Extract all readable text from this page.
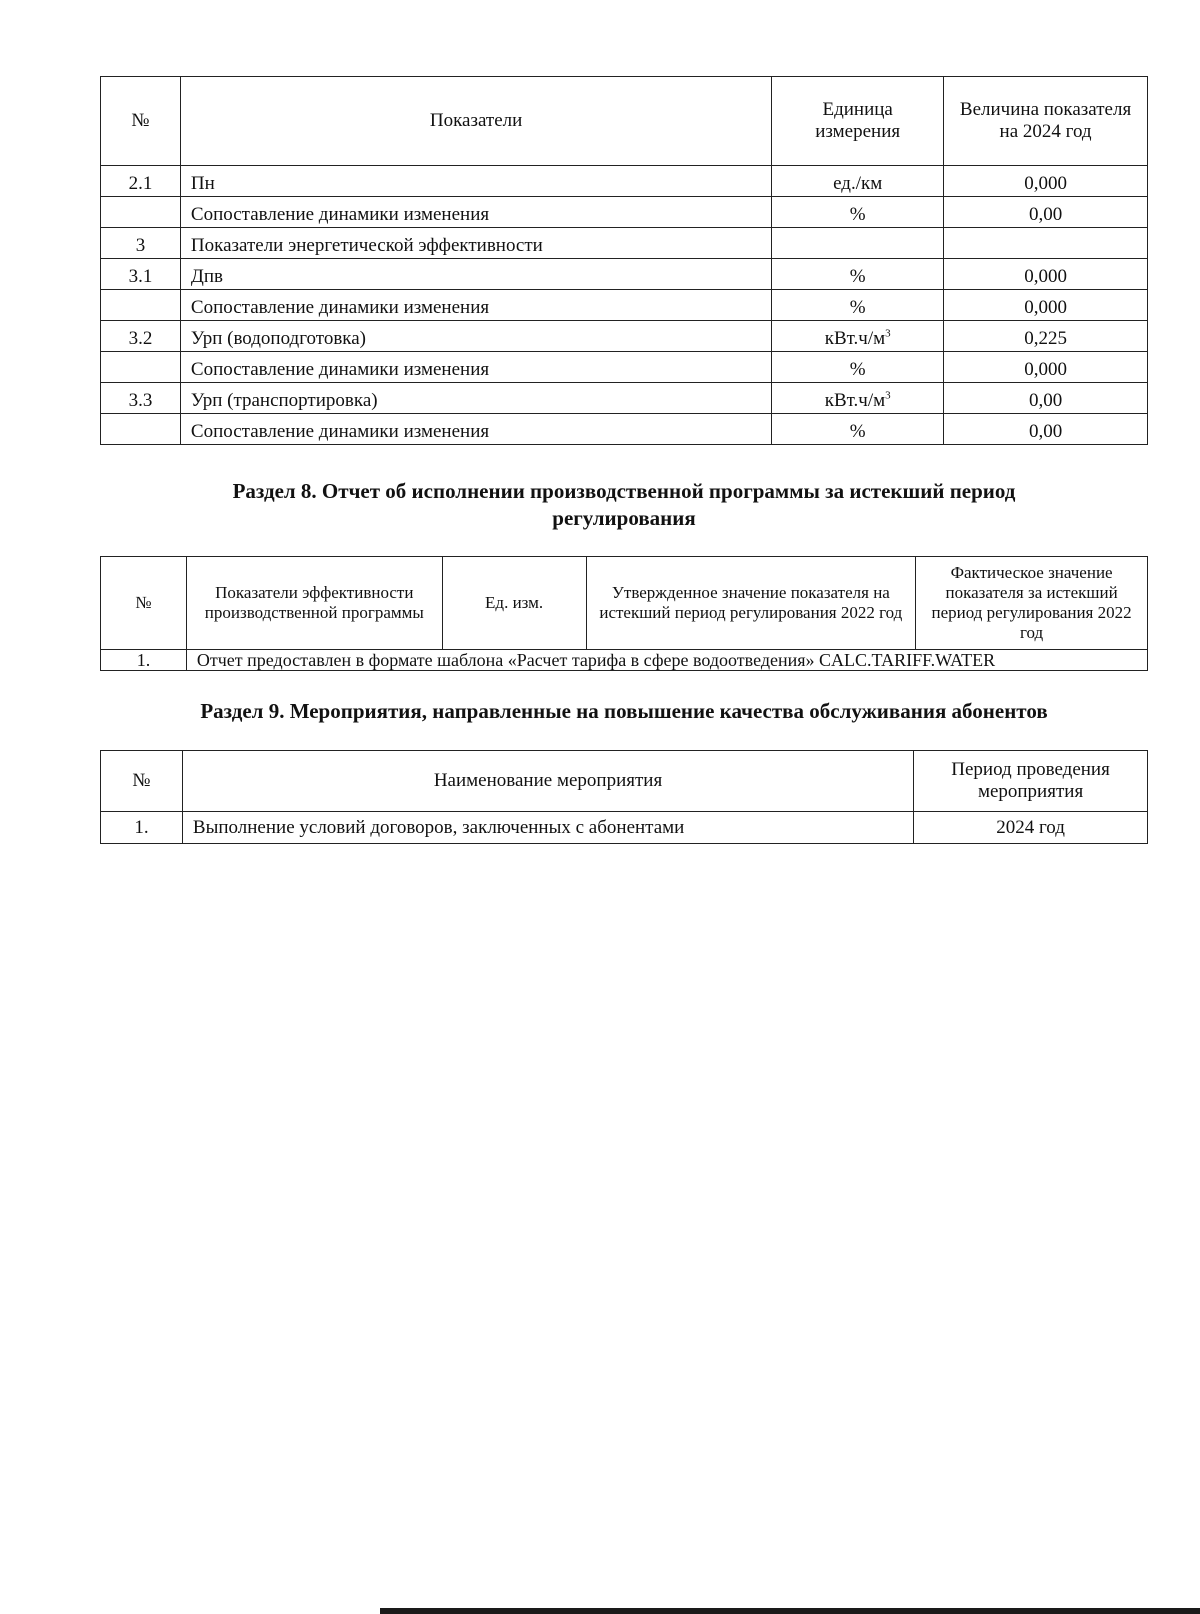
№	Показатели	Единица измерения	Величина показателя на 2024 год
2.1	Пн	ед./км	0,000
	Сопоставление динамики изменения	%	0,00
3	Показатели энергетической эффективности		
3.1	Дпв	%	0,000
	Сопоставление динамики изменения	%	0,000
3.2	Урп (водоподготовка)	$кВт.ч/м^3$	0,225
	Сопоставление динамики изменения	%	0,000
3.3	Урп (транспортировка)	$кВт.ч/м^3$	0,00
	Сопоставление динамики изменения	%	0,00
Раздел 8. Отчет об исполнении производственной программы за истекший период
регулирования
№	Показатели эффективности производственной программы	Ед. изм.	Утвержденное значение показателя на истекший период регулирования 2022 год	Фактическое значение показателя за истекший период регулирования 2022 год
1.	Отчет предоставлен в формате шаблона «Расчет тарифа в сфере водоотведения» CALC.TARIFF.WATER			
Раздел 9. Мероприятия, направленные на повышение качества обслуживания абонентов
№	Наименование мероприятия	Период проведения мероприятия
1.	Выполнение условий договоров, заключенных с абонентами	2024 год
